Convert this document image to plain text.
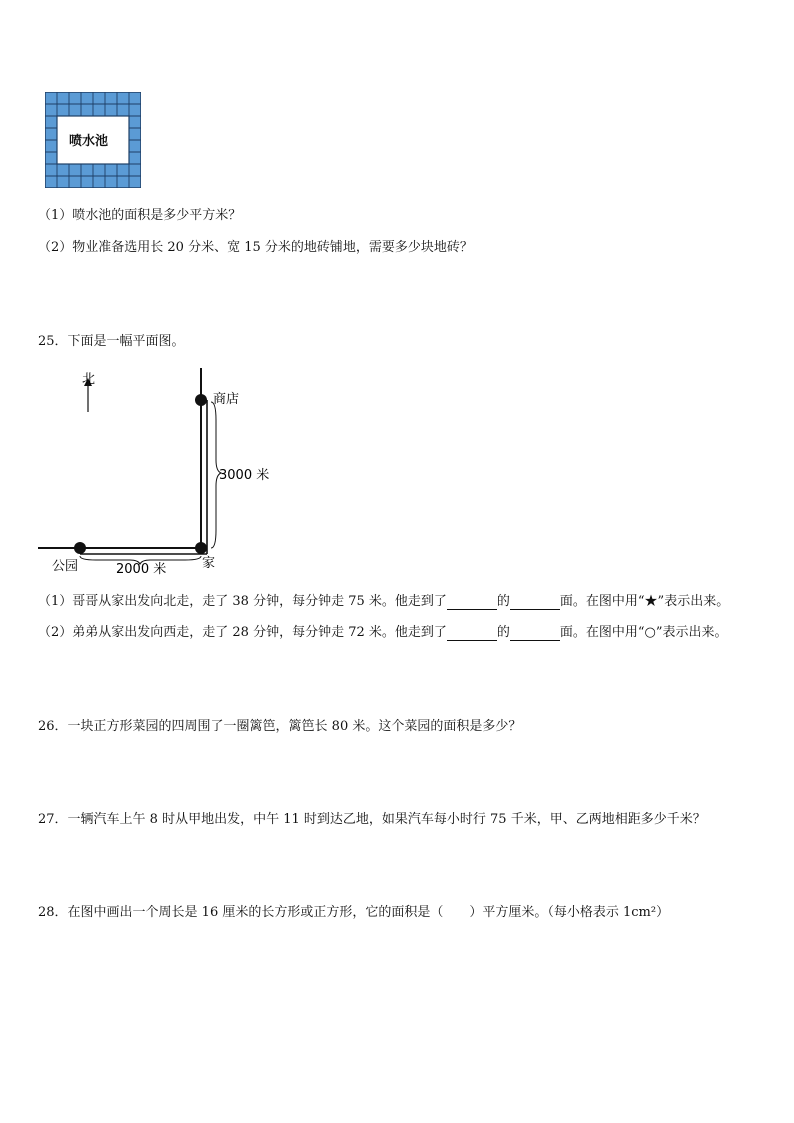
喷水池
（1）喷水池的面积是多少平方米？
（2）物业准备选用长 20 分米、宽 15 分米的地砖铺地，需要多少块地砖？
25．下面是一幅平面图。
北
3000 米
2000 米
商店
家
公园
（1）哥哥从家出发向北走，走了 38 分钟，每分钟走 75 米。他走到了	的	面。在图中用“★”表示出来。
（2）弟弟从家出发向西走，走了 28 分钟，每分钟走 72 米。他走到了	的	面。在图中用“○”表示出来。
26．一块正方形菜园的四周围了一圈篱笆，篱笆长 80 米。这个菜园的面积是多少？
27．一辆汽车上午 8 时从甲地出发，中午 11 时到达乙地，如果汽车每小时行 75 千米，甲、乙两地相距多少千米？
28．在图中画出一个周长是 16 厘米的长方形或正方形，它的面积是（　　）平方厘米。（每小格表示 1cm²）
